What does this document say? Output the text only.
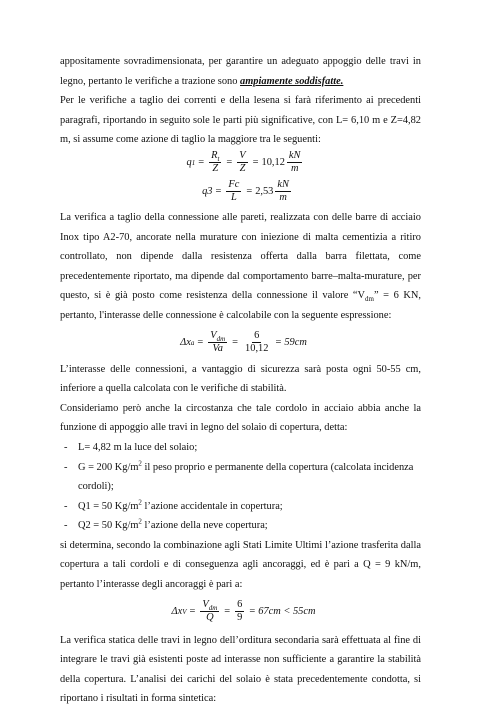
appositamente sovradimensionata, per garantire un adeguato appoggio delle travi in legno, pertanto le verifiche a trazione sono ampiamente soddisfatte.

Per le verifiche a taglio dei correnti e della lesena si farà riferimento ai precedenti paragrafi, riportando in seguito sole le parti più significative, con L= 6,10 m e Z=4,82 m, si assume come azione di taglio la maggiore tra le seguenti:

q $1 = \frac{R_t}{Z} = \frac{V}{Z} = 10,12 \frac{kN}{m}$
$q3 = \frac{Fc}{L} = 2,53 \frac{kN}{m}$

La verifica a taglio della connessione alle pareti, realizzata con delle barre di acciaio Inox tipo A2-70, ancorate nella murature con iniezione di malta cementizia a ritiro controllato, non dipende dalla resistenza offerta dalla barra filettata, come precedentemente riportato, ma dipende dal comportamento barre–malta-murature, per questo, si è già posto come resistenza della connessione il valore “$V_{dm}$” = 6 KN, pertanto, l'interasse delle connessione è calcolabile con la seguente espressione:

Δx $a = \frac{V_{dm}}{Va} = \frac{6}{10,12} = 59cm$

L’interasse delle connessioni, a vantaggio di sicurezza sarà posta ogni 50-55 cm, inferiore a quella calcolata con le verifiche di stabilità.

Consideriamo però anche la circostanza che tale cordolo in acciaio abbia anche la funzione di appoggio alle travi in legno del solaio di copertura, detta:

- L= 4,82 m la luce del solaio;
- G = 200 $Kg/m^2$ il peso proprio e permanente della copertura (calcolata incidenza cordoli);
- Q1 = 50 $Kg/m^2$ l’azione accidentale in copertura;
- Q2 = 50 $Kg/m^2$ l’azione della neve copertura;

si determina, secondo la combinazione agli Stati Limite Ultimi l’azione trasferita dalla copertura a tali cordoli e di conseguenza agli ancoraggi, ed è pari a Q = 9 kN/m, pertanto l’interasse degli ancoraggi è pari a:

Δx $V = \frac{V_{dm}}{Q} = \frac{6}{9} = 67cm < 55cm$

La verifica statica delle travi in legno dell’orditura secondaria sarà effettuata al fine di integrare le travi già esistenti poste ad interasse non sufficiente a garantire la stabilità della copertura. L’analisi dei carichi del solaio è stata precedentemente condotta, si riportano i risultati in forma sintetica:
